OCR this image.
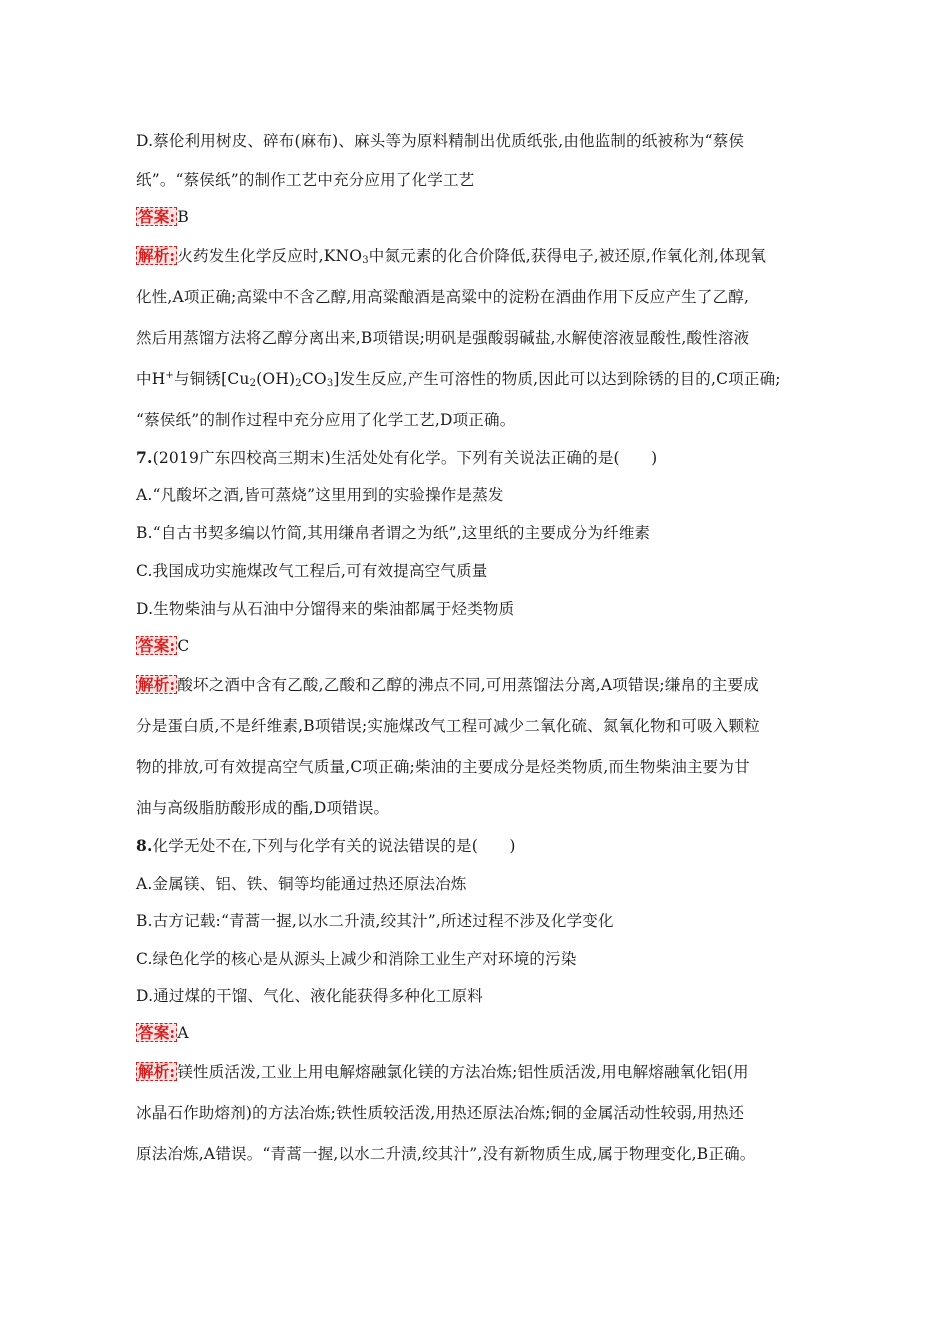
D.蔡伦利用树皮、碎布(麻布)、麻头等为原料精制出优质纸张,由他监制的纸被称为“蔡侯
纸”。“蔡侯纸”的制作工艺中充分应用了化学工艺
答案: B
解析: 火药发生化学反应时$,KNO_3$中氮元素的化合价降低,获得电子,被还原,作氧化剂,体现氧
化性,A项正确;高粱中不含乙醇,用高粱酿酒是高粱中的淀粉在酒曲作用下反应产生了乙醇,
然后用蒸馏方法将乙醇分离出来,B项错误;明矾是强酸弱碱盐,水解使溶液显酸性,酸性溶液
中H+与铜锈$[Cu_2(OH)_2CO_3]$发生反应,产生可溶性的物质,因此可以达到除锈的目的,C项正确;
“蔡侯纸”的制作过程中充分应用了化学工艺,D项正确。
7.(2019广东四校高三期末)生活处处有化学。下列有关说法正确的是(　　)
A.“凡酸坏之酒,皆可蒸烧”这里用到的实验操作是蒸发
B.“自古书契多编以竹简,其用缣帛者谓之为纸”,这里纸的主要成分为纤维素
C.我国成功实施煤改气工程后,可有效提高空气质量
D.生物柴油与从石油中分馏得来的柴油都属于烃类物质
答案: C
解析: 酸坏之酒中含有乙酸,乙酸和乙醇的沸点不同,可用蒸馏法分离,A项错误;缣帛的主要成
分是蛋白质,不是纤维素,B项错误;实施煤改气工程可减少二氧化硫、氮氧化物和可吸入颗粒
物的排放,可有效提高空气质量,C项正确;柴油的主要成分是烃类物质,而生物柴油主要为甘
油与高级脂肪酸形成的酯,D项错误。
8.化学无处不在,下列与化学有关的说法错误的是(　　)
A.金属镁、铝、铁、铜等均能通过热还原法冶炼
B.古方记载:“青蒿一握,以水二升渍,绞其汁”,所述过程不涉及化学变化
C.绿色化学的核心是从源头上减少和消除工业生产对环境的污染
D.通过煤的干馏、气化、液化能获得多种化工原料
答案: A
解析: 镁性质活泼,工业上用电解熔融氯化镁的方法冶炼;铝性质活泼,用电解熔融氧化铝(用
冰晶石作助熔剂)的方法冶炼;铁性质较活泼,用热还原法冶炼;铜的金属活动性较弱,用热还
原法冶炼,A错误。“青蒿一握,以水二升渍,绞其汁”,没有新物质生成,属于物理变化,B正确。
